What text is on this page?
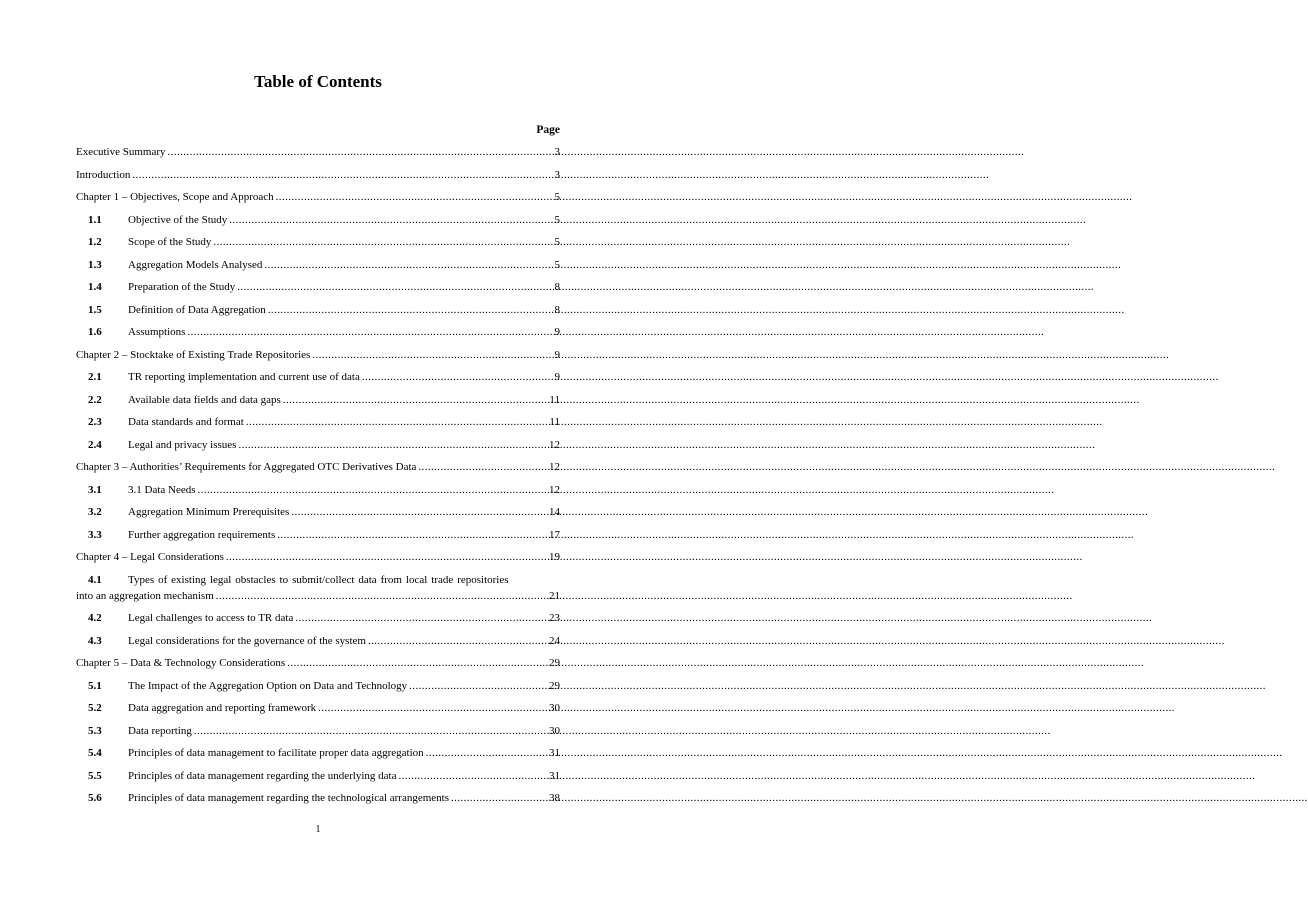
Table of Contents
Page
Executive Summary .....	3
Introduction .....	3
Chapter 1 – Objectives, Scope and Approach .....	5
1.1	Objective of the Study .....	5
1.2	Scope of the Study .....	5
1.3	Aggregation Models Analysed .....	5
1.4	Preparation of the Study .....	8
1.5	Definition of Data Aggregation .....	8
1.6	Assumptions .....	9
Chapter 2 – Stocktake of Existing Trade Repositories .....	9
2.1	TR reporting implementation and current use of data .....	9
2.2	Available data fields and data gaps .....	11
2.3	Data standards and format .....	11
2.4	Legal and privacy issues .....	12
Chapter 3 – Authorities’ Requirements for Aggregated OTC Derivatives Data .....	12
3.1	3.1 Data Needs .....	12
3.2	Aggregation Minimum Prerequisites .....	14
3.3	Further aggregation requirements .....	17
Chapter 4 – Legal Considerations .....	19
4.1	Types of existing legal obstacles to submit/collect data from local trade repositories
into an aggregation mechanism .....	21
4.2	Legal challenges to access to TR data .....	23
4.3	Legal considerations for the governance of the system .....	24
Chapter 5 – Data & Technology Considerations .....	29
5.1	The Impact of the Aggregation Option on Data and Technology .....	29
5.2	Data aggregation and reporting framework .....	30
5.3	Data reporting .....	30
5.4	Principles of data management to facilitate proper data aggregation .....	31
5.5	Principles of data management regarding the underlying data .....	31
5.6	Principles of data management regarding the technological arrangements .....	38
1
